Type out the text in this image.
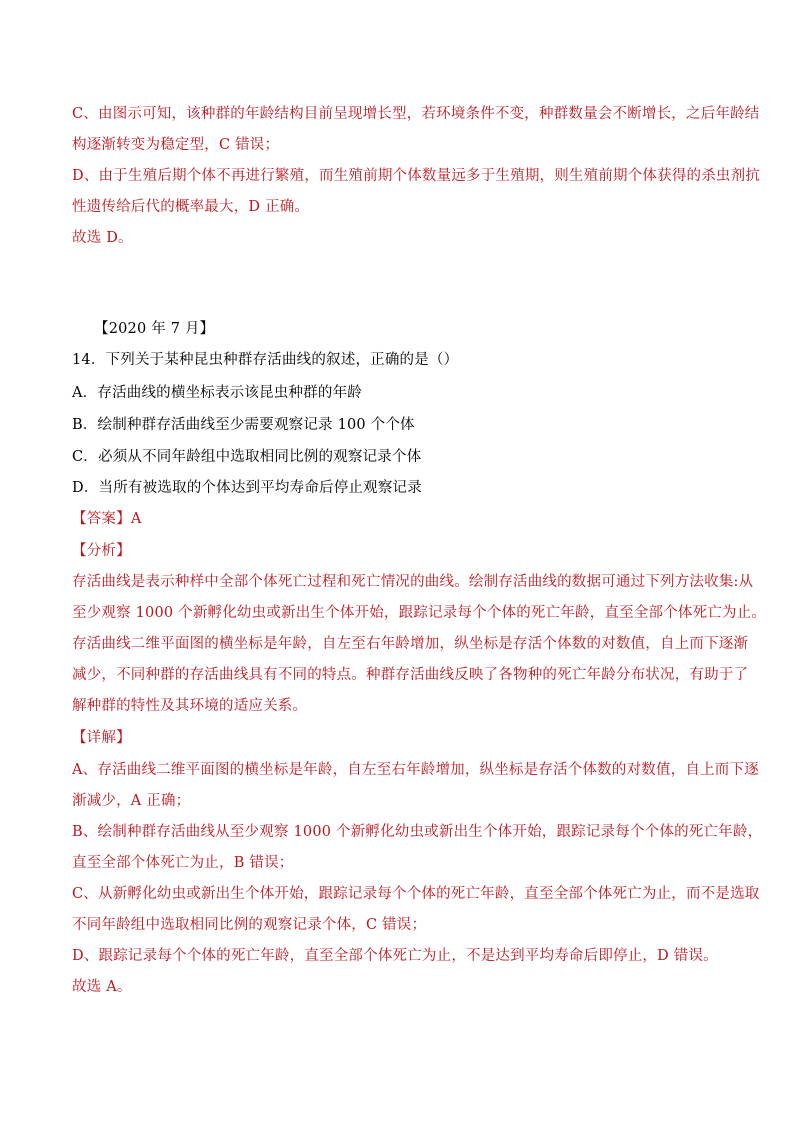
C、由图示可知，该种群的年龄结构目前呈现增长型，若环境条件不变，种群数量会不断增长，之后年龄结
构逐渐转变为稳定型，C 错误；
D、由于生殖后期个体不再进行繁殖，而生殖前期个体数量远多于生殖期，则生殖前期个体获得的杀虫剂抗
性遗传给后代的概率最大，D 正确。
故选 D。
【2020 年 7 月】
14．下列关于某种昆虫种群存活曲线的叙述，正确的是（）
A．存活曲线的横坐标表示该昆虫种群的年龄
B．绘制种群存活曲线至少需要观察记录 100 个个体
C．必须从不同年龄组中选取相同比例的观察记录个体
D．当所有被选取的个体达到平均寿命后停止观察记录
【答案】A
【分析】
存活曲线是表示种样中全部个体死亡过程和死亡情况的曲线。绘制存活曲线的数据可通过下列方法收集:从
至少观察 1000 个新孵化幼虫或新出生个体开始，跟踪记录每个个体的死亡年龄，直至全部个体死亡为止。
存活曲线二维平面图的横坐标是年龄，自左至右年龄增加，纵坐标是存活个体数的对数值，自上而下逐渐
减少，不同种群的存活曲线具有不同的特点。种群存活曲线反映了各物种的死亡年龄分布状况，有助于了
解种群的特性及其环境的适应关系。
【详解】
A、存活曲线二维平面图的横坐标是年龄，自左至右年龄增加，纵坐标是存活个体数的对数值，自上而下逐
渐减少，A 正确；
B、绘制种群存活曲线从至少观察 1000 个新孵化幼虫或新出生个体开始，跟踪记录每个个体的死亡年龄，
直至全部个体死亡为止，B 错误；
C、从新孵化幼虫或新出生个体开始，跟踪记录每个个体的死亡年龄，直至全部个体死亡为止，而不是选取
不同年龄组中选取相同比例的观察记录个体，C 错误；
D、跟踪记录每个个体的死亡年龄，直至全部个体死亡为止，不是达到平均寿命后即停止，D 错误。
故选 A。
